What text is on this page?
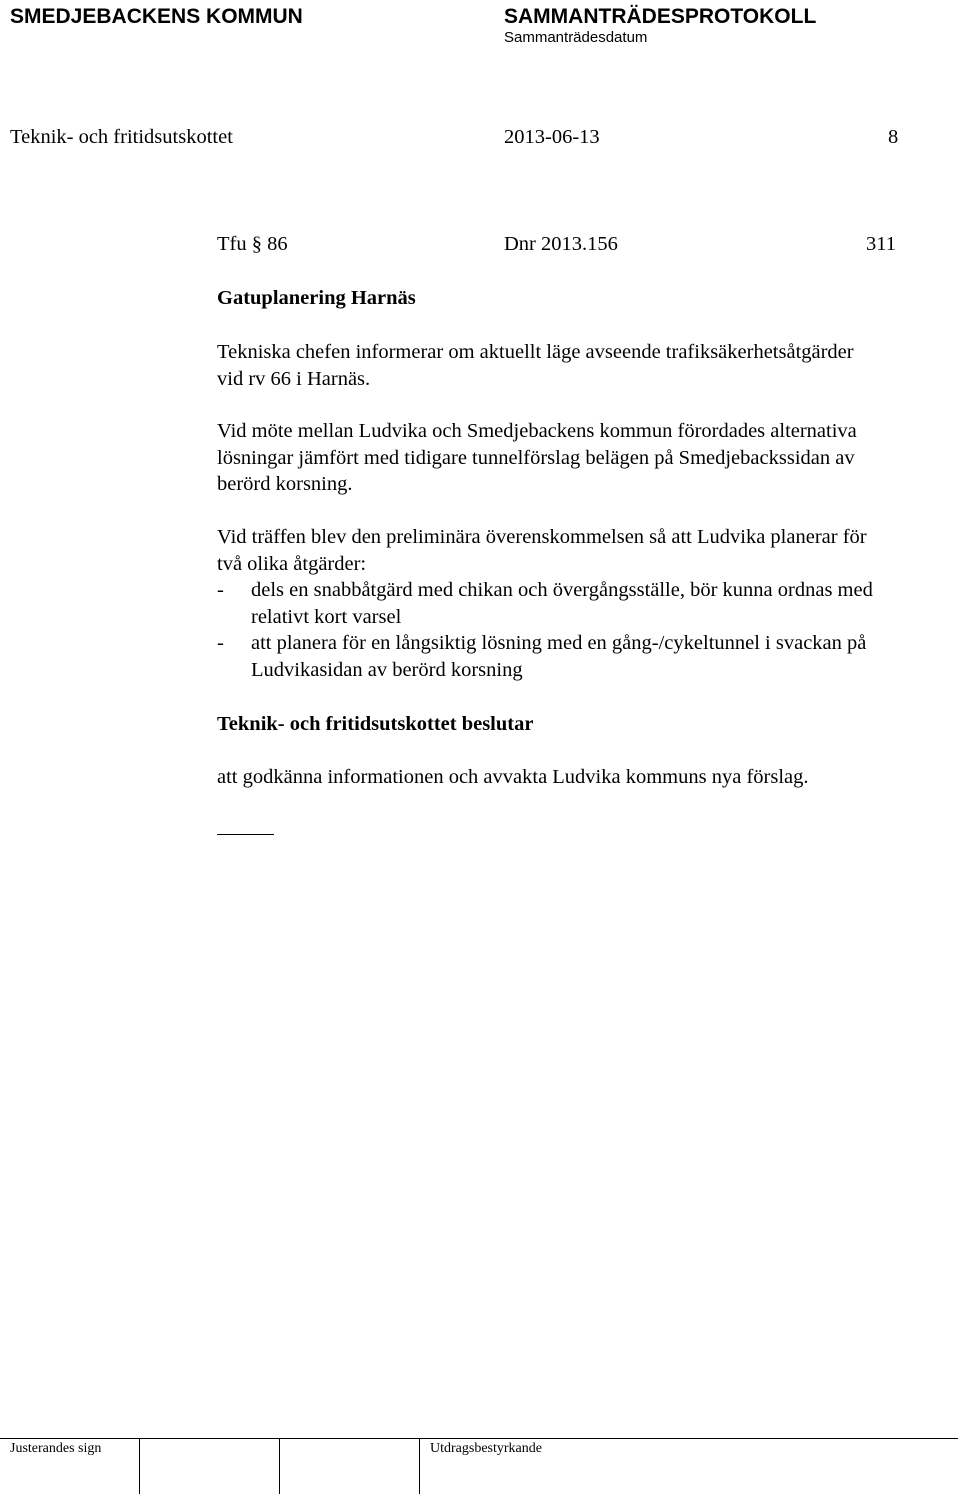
SMEDJEBACKENS KOMMUN	SAMMANTRÄDESPROTOKOLL
Sammanträdesdatum
Teknik- och fritidsutskottet	2013-06-13	8
Tfu § 86	Dnr 2013.156	311
Gatuplanering Harnäs
Tekniska chefen informerar om aktuellt läge avseende trafiksäkerhetsåtgärder
vid rv 66 i Harnäs.
Vid möte mellan Ludvika och Smedjebackens kommun förordades alternativa
lösningar jämfört med tidigare tunnelförslag belägen på Smedjebackssidan av
berörd korsning.
Vid träffen blev den preliminära överenskommelsen så att Ludvika planerar för
två olika åtgärder:
-	dels en snabbåtgärd med chikan och övergångsställe, bör kunna ordnas med
relativt kort varsel
-	att planera för en långsiktig lösning med en gång-/cykeltunnel i svackan på
Ludvikasidan av berörd korsning
Teknik- och fritidsutskottet beslutar
att godkänna informationen och avvakta Ludvika kommuns nya förslag.
Justerandes sign	Utdragsbestyrkande
